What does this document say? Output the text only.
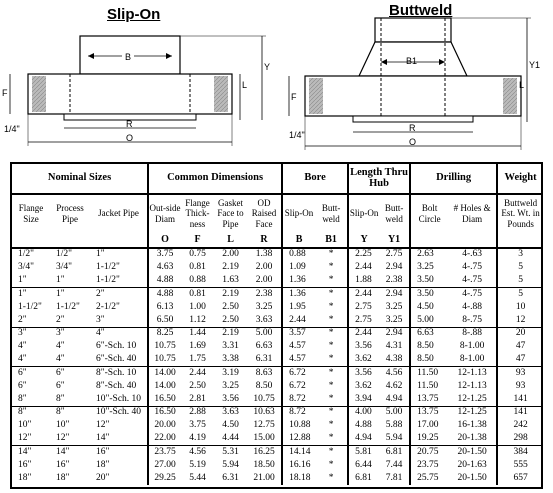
Slip-On
B
Y
L
F
R
O
1/4"
Buttweld
B1	Y1
L
F
R
O
1/4"
Nominal Sizes			Common Dimensions				Bore		Length Thru Hub		Drilling		Weight
Flange Size	Process Pipe	Jacket Pipe	Out-side Diam	Flange Thick-ness	Gasket Face to Pipe	OD Raised Face	Slip-On	Butt-weld	Slip-On	Butt-weld	Bolt Circle	# Holes & Diam	Buttweld Est. Wt. in Pounds
			O	F	L	R	B	B1	Y	Y1			
1/2"	1/2"	1"	3.75	0.75	2.00	1.38	0.88	*	2.25	2.75	2.63	4-.63	3
3/4"	3/4"	1-1/2"	4.63	0.81	2.19	2.00	1.09	*	2.44	2.94	3.25	4-.75	5
1"	1"	1-1/2"	4.88	0.88	1.63	2.00	1.36	*	1.88	2.38	3.50	4-.75	5
1"	1"	2"	4.88	0.81	2.19	2.38	1.36	*	2.44	2.94	3.50	4-.75	5
1-1/2"	1-1/2"	2-1/2"	6.13	1.00	2.50	3.25	1.95	*	2.75	3.25	4.50	4-.88	10
2"	2"	3"	6.50	1.12	2.50	3.63	2.44	*	2.75	3.25	5.00	8-.75	12
3"	3"	4"	8.25	1.44	2.19	5.00	3.57	*	2.44	2.94	6.63	8-.88	20
4"	4"	6"-Sch. 10	10.75	1.69	3.31	6.63	4.57	*	3.56	4.31	8.50	8-1.00	47
4"	4"	6"-Sch. 40	10.75	1.75	3.38	6.31	4.57	*	3.62	4.38	8.50	8-1.00	47
6"	6"	8"-Sch. 10	14.00	2.44	3.19	8.63	6.72	*	3.56	4.56	11.50	12-1.13	93
6"	6"	8"-Sch. 40	14.00	2.50	3.25	8.50	6.72	*	3.62	4.62	11.50	12-1.13	93
8"	8"	10"-Sch. 10	16.50	2.81	3.56	10.75	8.72	*	3.94	4.94	13.75	12-1.25	141
8"	8"	10"-Sch. 40	16.50	2.88	3.63	10.63	8.72	*	4.00	5.00	13.75	12-1.25	141
10"	10"	12"	20.00	3.75	4.50	12.75	10.88	*	4.88	5.88	17.00	16-1.38	242
12"	12"	14"	22.00	4.19	4.44	15.00	12.88	*	4.94	5.94	19.25	20-1.38	298
14"	14"	16"	23.75	4.56	5.31	16.25	14.14	*	5.81	6.81	20.75	20-1.50	384
16"	16"	18"	27.00	5.19	5.94	18.50	16.16	*	6.44	7.44	23.75	20-1.63	555
18"	18"	20"	29.25	5.44	6.31	21.00	18.18	*	6.81	7.81	25.75	20-1.50	657
